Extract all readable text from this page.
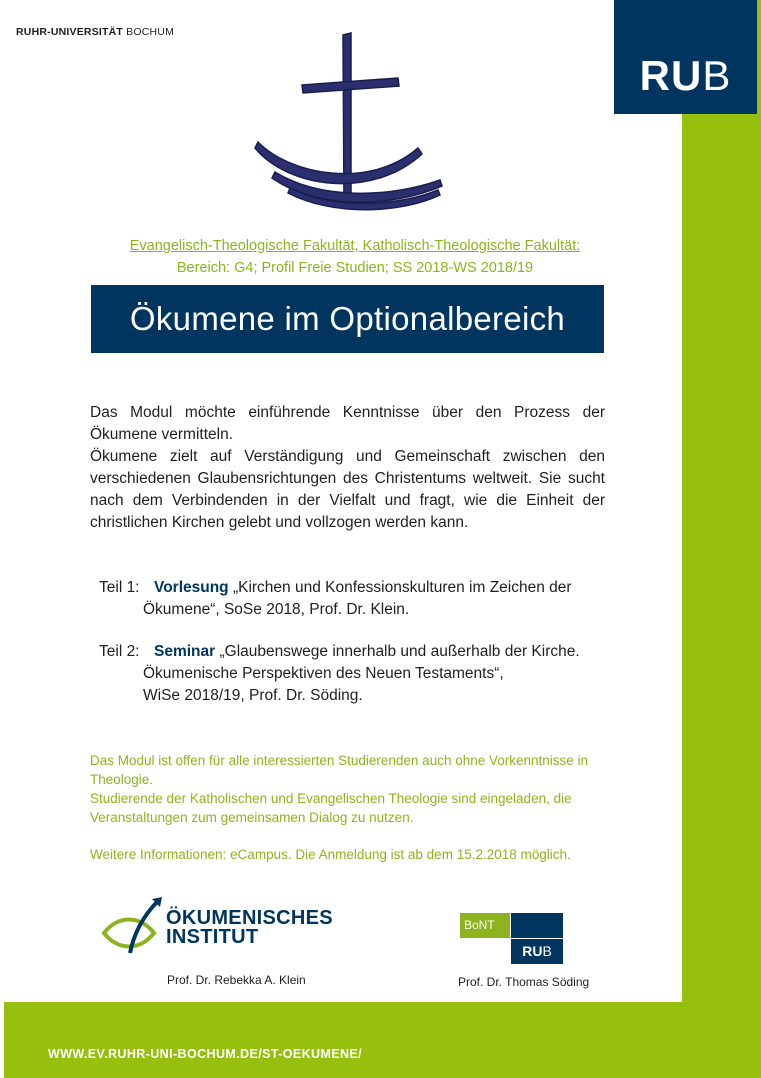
RUHR-UNIVERSITÄT BOCHUM
RUB
Evangelisch-Theologische Fakultät, Katholisch-Theologische Fakultät:
Bereich: G4; Profil Freie Studien; SS 2018-WS 2018/19
Ökumene im Optionalbereich

Das Modul möchte einführende Kenntnisse über den Prozess der Ökumene vermitteln.

Ökumene zielt auf Verständigung und Gemeinschaft zwischen den verschiedenen Glaubensrichtungen des Christentums weltweit. Sie sucht nach dem Verbindenden in der Vielfalt und fragt, wie die Einheit der christlichen Kirchen gelebt und vollzogen werden kann.

Teil 1: Vorlesung „Kirchen und Konfessionskulturen im Zeichen der
Ökumene“, SoSe 2018, Prof. Dr. Klein.
Teil 2: Seminar „Glaubenswege innerhalb und außerhalb der Kirche.
Ökumenische Perspektiven des Neuen Testaments“,
WiSe 2018/19, Prof. Dr. Söding.

Das Modul ist offen für alle interessierten Studierenden auch ohne Vorkenntnisse in Theologie.

Studierende der Katholischen und Evangelischen Theologie sind eingeladen, die Veranstaltungen zum gemeinsamen Dialog zu nutzen.

Weitere Informationen: eCampus. Die Anmeldung ist ab dem 15.2.2018 möglich.

ÖKUMENISCHES
INSTITUT
Prof. Dr. Rebekka A. Klein
BoNT
RUB
Prof. Dr. Thomas Söding
WWW.EV.RUHR-UNI-BOCHUM.DE/ST-OEKUMENE/
